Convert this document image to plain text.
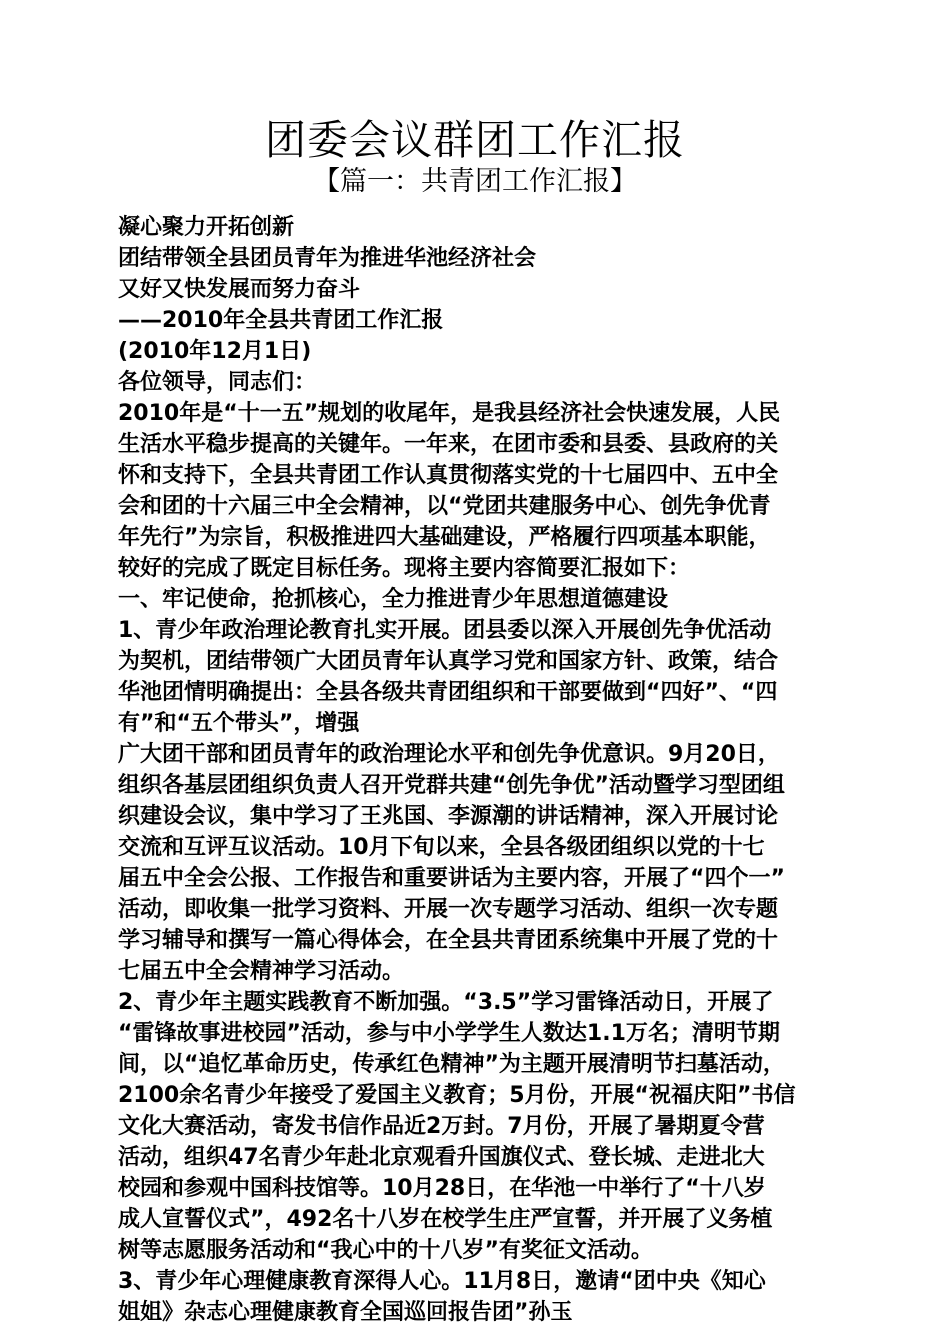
团委会议群团工作汇报
【篇一：共青团工作汇报】
凝心聚力开拓创新
团结带领全县团员青年为推进华池经济社会
又好又快发展而努力奋斗
——2010年全县共青团工作汇报
(2010年12月1日)
各位领导，同志们：
2010年是“十一五”规划的收尾年，是我县经济社会快速发展，人民
生活水平稳步提高的关键年。一年来，在团市委和县委、县政府的关
怀和支持下，全县共青团工作认真贯彻落实党的十七届四中、五中全
会和团的十六届三中全会精神，以“党团共建服务中心、创先争优青
年先行”为宗旨，积极推进四大基础建设，严格履行四项基本职能，
较好的完成了既定目标任务。现将主要内容简要汇报如下：
一、牢记使命，抢抓核心，全力推进青少年思想道德建设
1、青少年政治理论教育扎实开展。团县委以深入开展创先争优活动
为契机，团结带领广大团员青年认真学习党和国家方针、政策，结合
华池团情明确提出：全县各级共青团组织和干部要做到“四好”、“四
有”和“五个带头”，增强
广大团干部和团员青年的政治理论水平和创先争优意识。9月20日，
组织各基层团组织负责人召开党群共建“创先争优”活动暨学习型团组
织建设会议，集中学习了王兆国、李源潮的讲话精神，深入开展讨论
交流和互评互议活动。10月下旬以来，全县各级团组织以党的十七
届五中全会公报、工作报告和重要讲话为主要内容，开展了“四个一”
活动，即收集一批学习资料、开展一次专题学习活动、组织一次专题
学习辅导和撰写一篇心得体会，在全县共青团系统集中开展了党的十
七届五中全会精神学习活动。
2、青少年主题实践教育不断加强。“3.5”学习雷锋活动日，开展了
“雷锋故事进校园”活动，参与中小学学生人数达1.1万名；清明节期
间，以“追忆革命历史，传承红色精神”为主题开展清明节扫墓活动，
2100余名青少年接受了爱国主义教育；5月份，开展“祝福庆阳”书信
文化大赛活动，寄发书信作品近2万封。7月份，开展了暑期夏令营
活动，组织47名青少年赴北京观看升国旗仪式、登长城、走进北大
校园和参观中国科技馆等。10月28日，在华池一中举行了“十八岁
成人宣誓仪式”，492名十八岁在校学生庄严宣誓，并开展了义务植
树等志愿服务活动和“我心中的十八岁”有奖征文活动。
3、青少年心理健康教育深得人心。11月8日，邀请“团中央《知心
姐姐》杂志心理健康教育全国巡回报告团”孙玉
